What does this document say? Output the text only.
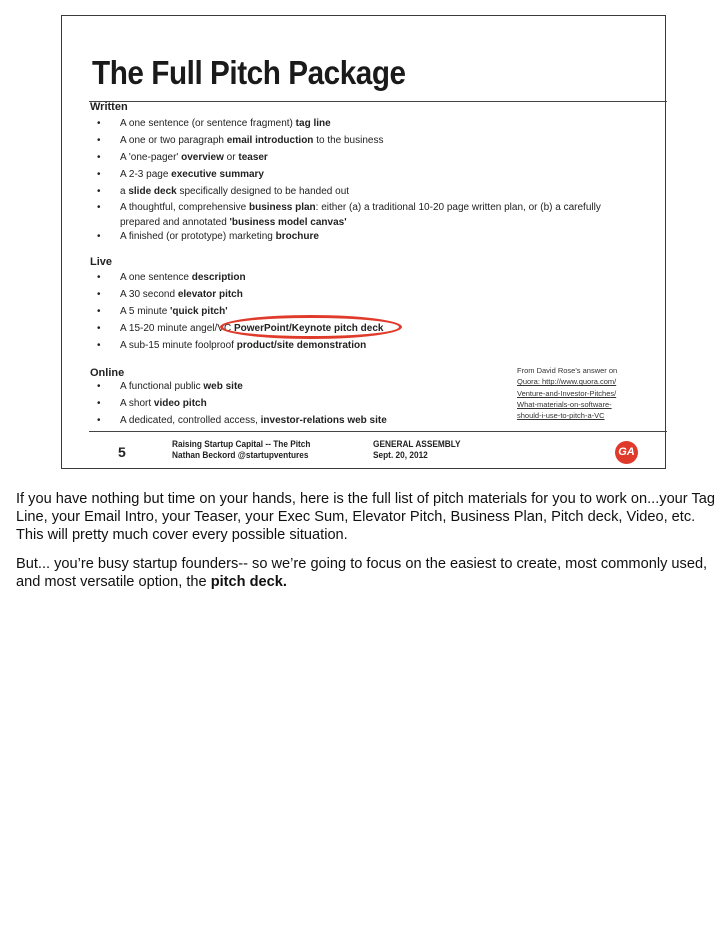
The Full Pitch Package
Written
• A one sentence (or sentence fragment) tag line
• A one or two paragraph email introduction to the business
• A 'one-pager' overview or teaser
• A 2-3 page executive summary
• a slide deck specifically designed to be handed out
• A thoughtful, comprehensive business plan: either (a) a traditional 10-20 page written plan, or (b) a carefully prepared and annotated 'business model canvas'
• A finished (or prototype) marketing brochure
Live
• A one sentence description
• A 30 second elevator pitch
• A 5 minute 'quick pitch'
• A 15-20 minute angel/VC PowerPoint/Keynote pitch deck
• A sub-15 minute foolproof product/site demonstration
Online
• A functional public web site
• A short video pitch
• A dedicated, controlled access, investor-relations web site
From David Rose's answer on
Quora: http://www.quora.com/
Venture-and-Investor-Pitches/
What-materials-on-software-
should-i-use-to-pitch-a-VC
5	Raising Startup Capital -- The Pitch
Nathan Beckord @startupventures
GENERAL ASSEMBLY
Sept. 20, 2012	GA

If you have nothing but time on your hands, here is the full list of pitch materials for you to work on...your Tag Line, your Email Intro, your Teaser, your Exec Sum, Elevator Pitch, Business Plan, Pitch deck, Video, etc. This will pretty much cover every possible situation.

But... you’re busy startup founders-- so we’re going to focus on the easiest to create, most commonly used, and most versatile option, the pitch deck.
